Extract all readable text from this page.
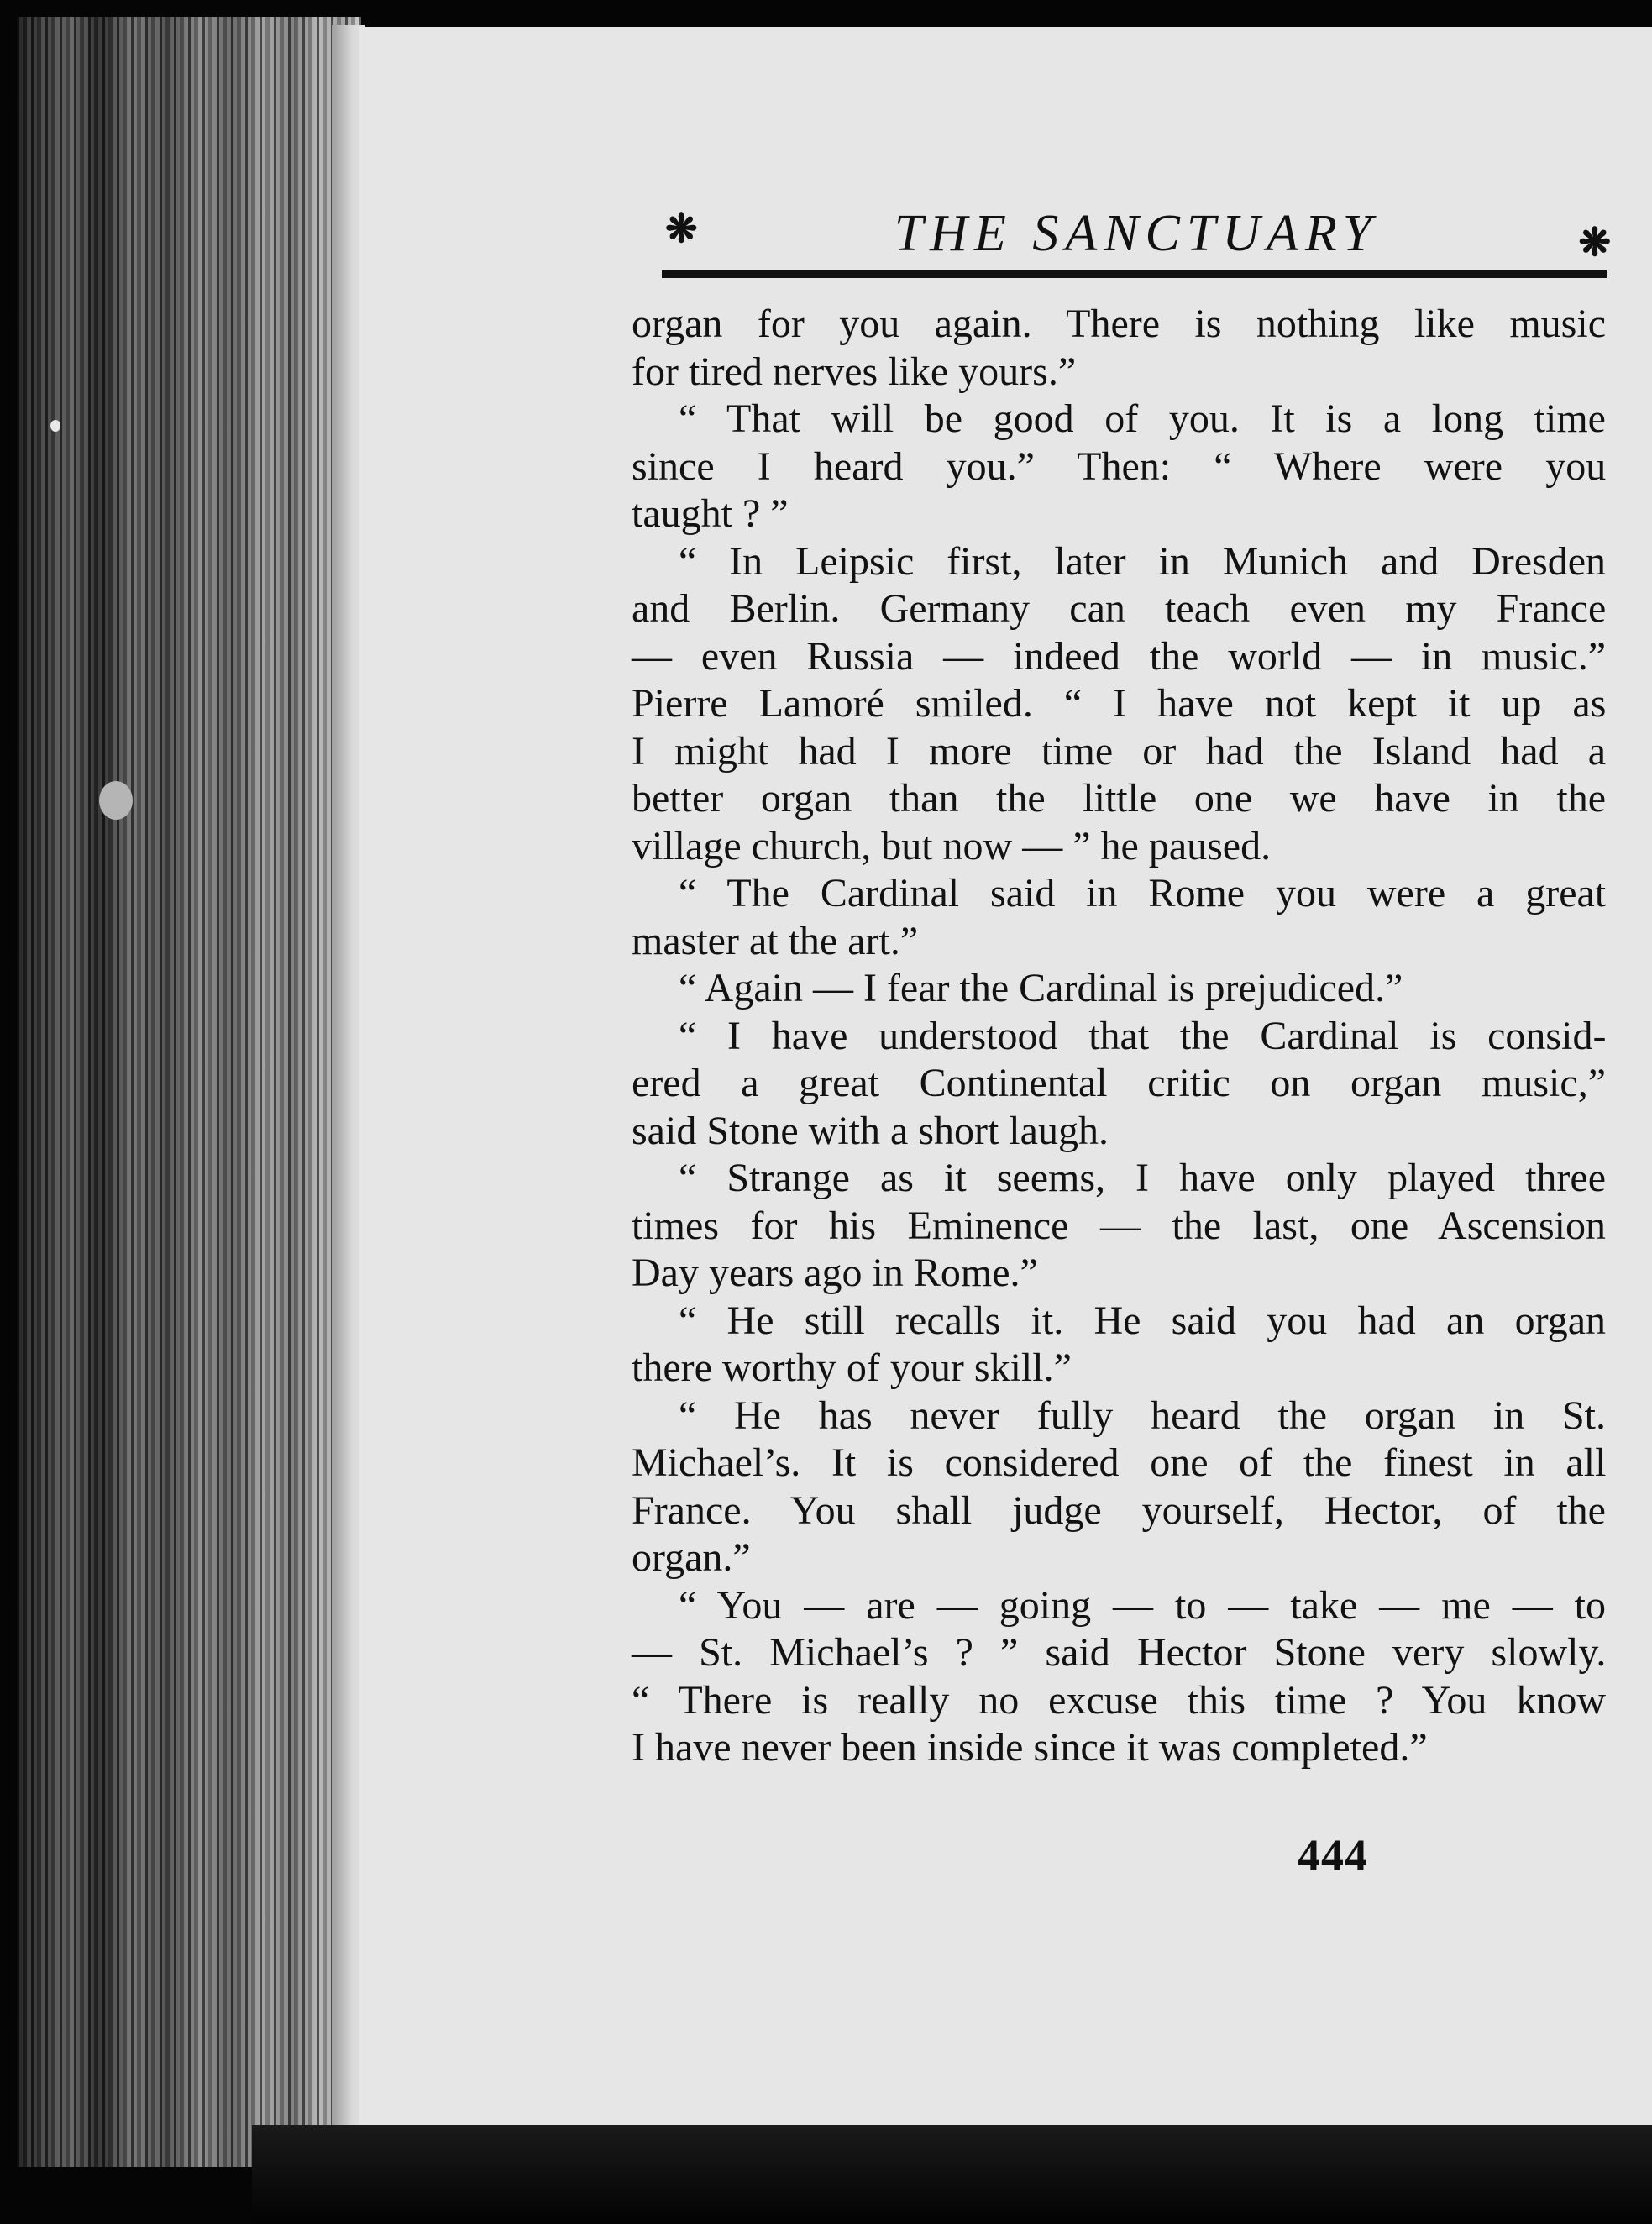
❋	THE SANCTUARY	❋
organ for you again. There is nothing like music
for tired nerves like yours.”
“ That will be good of you. It is a long time
since I heard you.” Then: “ Where were you
taught ? ”
“ In Leipsic first, later in Munich and Dresden
and Berlin. Germany can teach even my France
— even Russia — indeed the world — in music.”
Pierre Lamoré smiled. “ I have not kept it up as
I might had I more time or had the Island had a
better organ than the little one we have in the
village church, but now — ” he paused.
“ The Cardinal said in Rome you were a great
master at the art.”
“ Again — I fear the Cardinal is prejudiced.”
“ I have understood that the Cardinal is consid-
ered a great Continental critic on organ music,”
said Stone with a short laugh.
“ Strange as it seems, I have only played three
times for his Eminence — the last, one Ascension
Day years ago in Rome.”
“ He still recalls it. He said you had an organ
there worthy of your skill.”
“ He has never fully heard the organ in St.
Michael’s. It is considered one of the finest in all
France. You shall judge yourself, Hector, of the
organ.”
“ You — are — going — to — take — me — to
— St. Michael’s ? ” said Hector Stone very slowly.
“ There is really no excuse this time ? You know
I have never been inside since it was completed.”
444
